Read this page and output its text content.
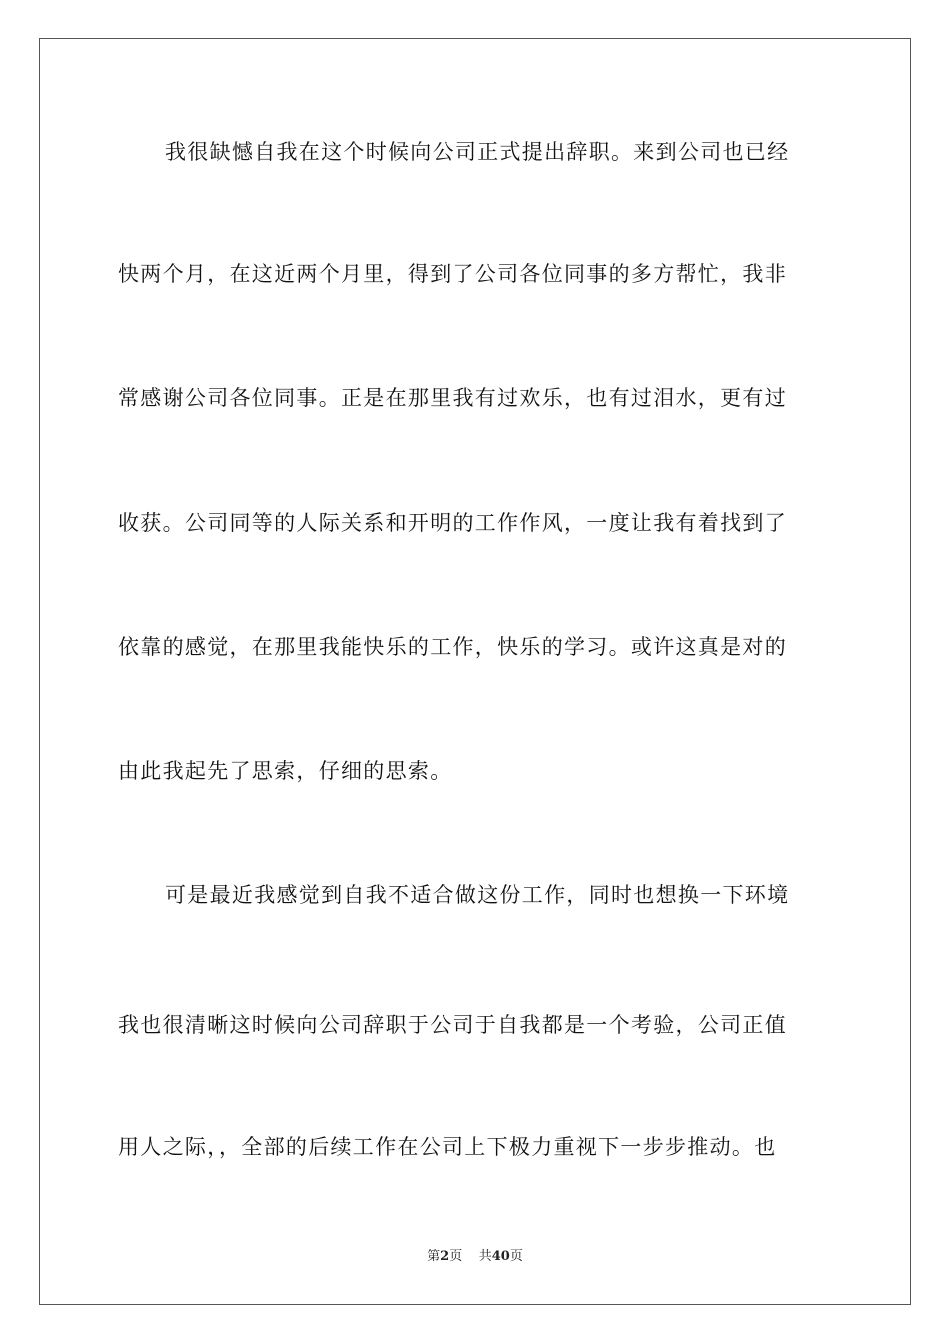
我很缺憾自我在这个时候向公司正式提出辞职。来到公司也已经

快两个月，在这近两个月里，得到了公司各位同事的多方帮忙，我非

常感谢公司各位同事。正是在那里我有过欢乐，也有过泪水，更有过

收获。公司同等的人际关系和开明的工作作风，一度让我有着找到了

依靠的感觉，在那里我能快乐的工作，快乐的学习。或许这真是对的

由此我起先了思索，仔细的思索。

可是最近我感觉到自我不适合做这份工作，同时也想换一下环境

我也很清晰这时候向公司辞职于公司于自我都是一个考验，公司正值

用人之际，，全部的后续工作在公司上下极力重视下一步步推动。也

第2页 共40页
